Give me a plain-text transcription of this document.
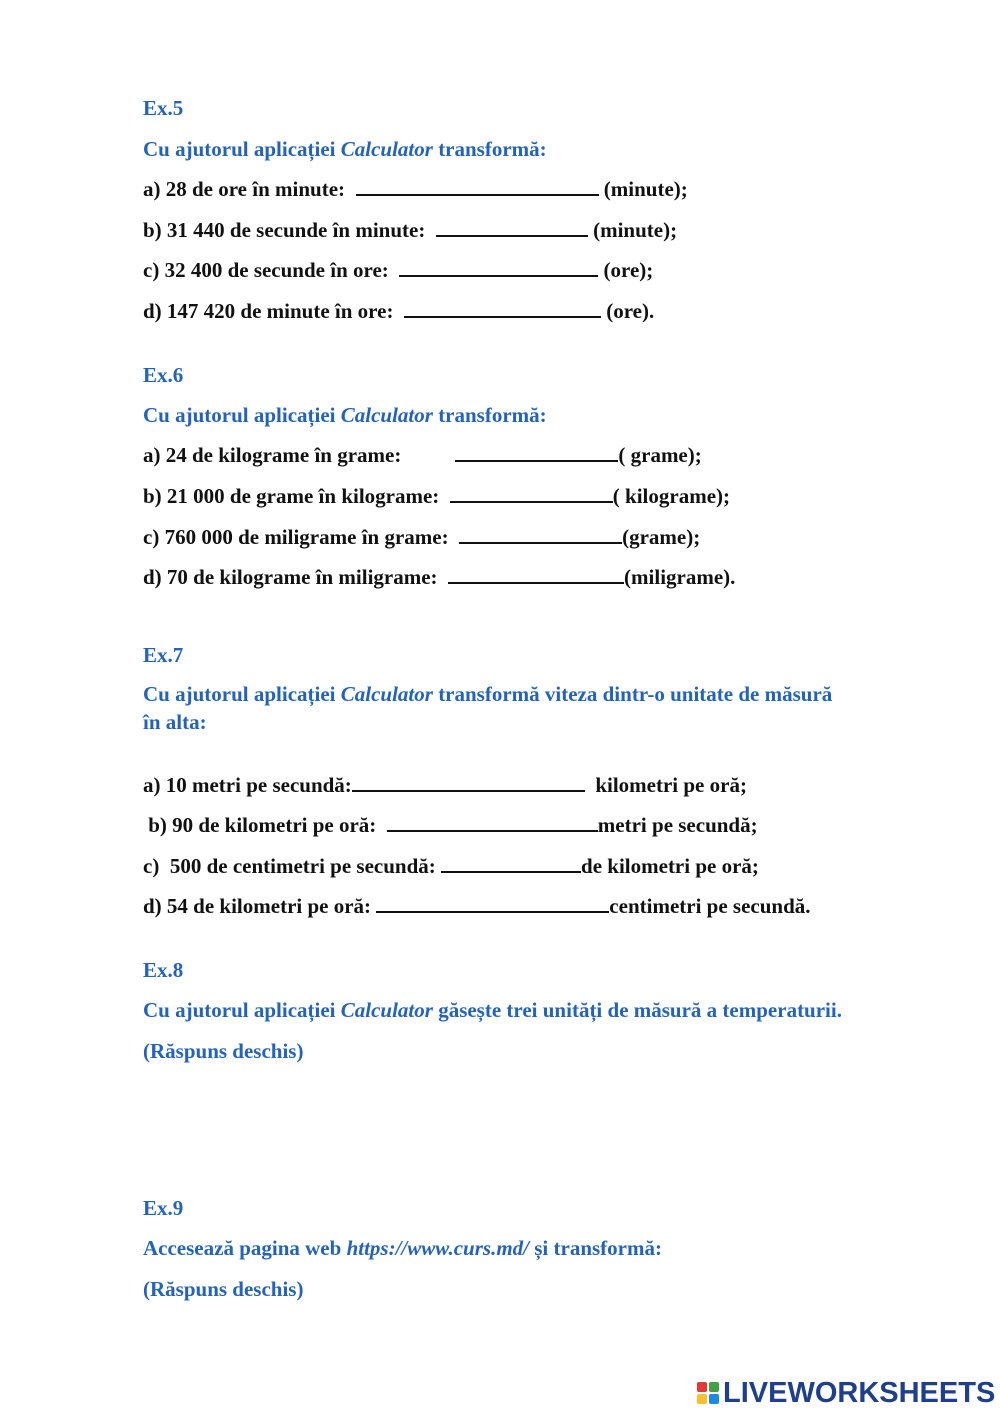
Ex.5
Cu ajutorul aplicației Calculator transformă:
a) 28 de ore în minute:	(minute);
b) 31 440 de secunde în minute:	(minute);
c) 32 400 de secunde în ore:	(ore);
d) 147 420 de minute în ore:	(ore).
Ex.6
Cu ajutorul aplicației Calculator transformă:
a) 24 de kilograme în grame:	( grame);
b) 21 000 de grame în kilograme:	( kilograme);
c) 760 000 de miligrame în grame:	(grame);
d) 70 de kilograme în miligrame:	(miligrame).
Ex.7
Cu ajutorul aplicației Calculator transformă viteza dintr-o unitate de măsură
în alta:
a) 10 metri pe secundă:	kilometri pe oră;
b) 90 de kilometri pe oră:	metri pe secundă;
c)  500 de centimetri pe secundă:	de kilometri pe oră;
d) 54 de kilometri pe oră:	centimetri pe secundă.
Ex.8
Cu ajutorul aplicației Calculator găsește trei unități de măsură a temperaturii.
(Răspuns deschis)
Ex.9
Accesează pagina web https://www.curs.md/ și transformă:
(Răspuns deschis)
LIVEWORKSHEETS
